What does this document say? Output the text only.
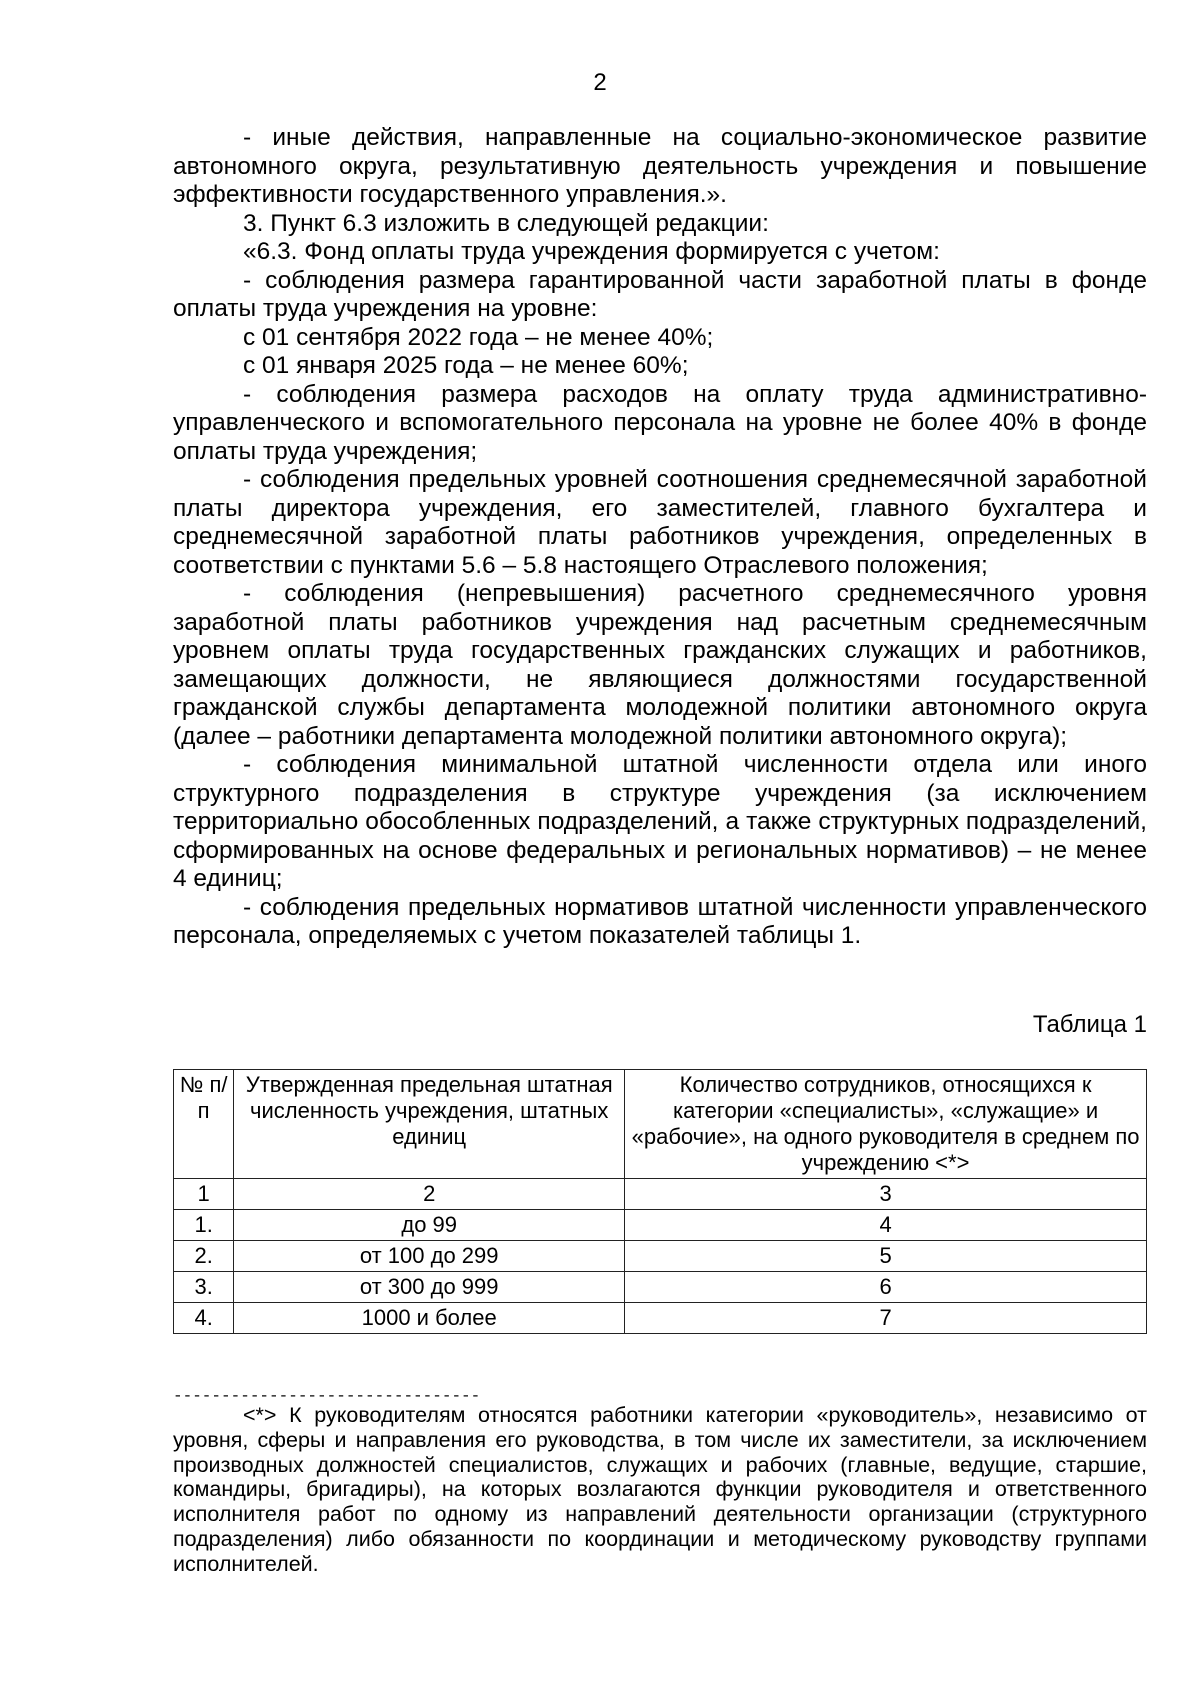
2

- иные действия, направленные на социально-экономическое развитие автономного округа, результативную деятельность учреждения и повышение эффективности государственного управления.».

3. Пункт 6.3 изложить в следующей редакции:

«6.3. Фонд оплаты труда учреждения формируется с учетом:

- соблюдения размера гарантированной части заработной платы в фонде оплаты труда учреждения на уровне:

с 01 сентября 2022 года – не менее 40%;

с 01 января 2025 года – не менее 60%;

- соблюдения размера расходов на оплату труда административно-управленческого и вспомогательного персонала на уровне не более 40% в фонде оплаты труда учреждения;

- соблюдения предельных уровней соотношения среднемесячной заработной платы директора учреждения, его заместителей, главного бухгалтера и среднемесячной заработной платы работников учреждения, определенных в соответствии с пунктами 5.6 – 5.8 настоящего Отраслевого положения;

- соблюдения (непревышения) расчетного среднемесячного уровня заработной платы работников учреждения над расчетным среднемесячным уровнем оплаты труда государственных гражданских служащих и работников, замещающих должности, не являющиеся должностями государственной гражданской службы департамента молодежной политики автономного округа (далее – работники департамента молодежной политики автономного округа);

- соблюдения минимальной штатной численности отдела или иного структурного подразделения в структуре учреждения (за исключением территориально обособленных подразделений, а также структурных подразделений, сформированных на основе федеральных и региональных нормативов) – не менее 4 единиц;

- соблюдения предельных нормативов штатной численности управленческого персонала, определяемых с учетом показателей таблицы 1.

Таблица 1
№ п/п	Утвержденная предельная штатная численность учреждения, штатных единиц	Количество сотрудников, относящихся к категории «специалисты», «служащие» и «рабочие», на одного руководителя в среднем по учреждению <*>
1	2	3
1.	до 99	4
2.	от 100 до 299	5
3.	от 300 до 999	6
4.	1000 и более	7
--------------------------------

<*> К руководителям относятся работники категории «руководитель», независимо от уровня, сферы и направления его руководства, в том числе их заместители, за исключением производных должностей специалистов, служащих и рабочих (главные, ведущие, старшие, командиры, бригадиры), на которых возлагаются функции руководителя и ответственного исполнителя работ по одному из направлений деятельности организации (структурного подразделения) либо обязанности по координации и методическому руководству группами исполнителей.
